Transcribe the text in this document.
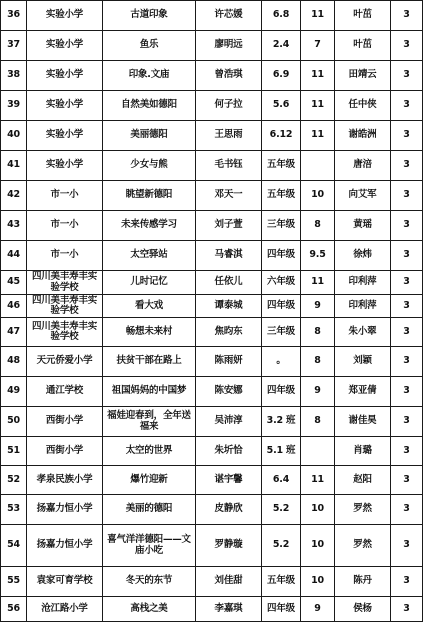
36	实验小学	古道印象	许芯媛	6.8	11	叶茁	3
37	实验小学	鱼乐	廖明远	2.4	7	叶茁	3
38	实验小学	印象.文庙	曾浩琪	6.9	11	田靖云	3
39	实验小学	自然美如德阳	何子拉	5.6	11	任中侠	3
40	实验小学	美丽德阳	王思雨	6.12	11	谢皓洲	3
41	实验小学	少女与熊	毛书钰	五年级		唐涪	3
42	市一小	眺望新德阳	邓天一	五年级	10	向艾军	3
43	市一小	未来传感学习	刘子萱	三年级	8	黄瑶	3
44	市一小	太空驿站	马睿淇	四年级	9.5	徐炜	3
45	四川美丰寿丰实验学校	儿时记忆	任依儿	六年级	11	印利萍	3
46	四川美丰寿丰实验学校	看大戏	谭泰城	四年级	9	印利萍	3
47	四川美丰寿丰实验学校	畅想未来村	焦昀东	三年级	8	朱小翠	3
48	天元侨爱小学	扶贫干部在路上	陈雨妍	。	8	刘颖	3
49	通江学校	祖国妈妈的中国梦	陈安娜	四年级	9	郑亚倩	3
50	西街小学	福娃迎春到，全年送福来	吴沛淳	3.2 班	8	谢佳昊	3
51	西街小学	太空的世界	朱圻恰	5.1 班		肖璐	3
52	孝泉民族小学	爆竹迎新	谌宇馨	6.4	11	赵阳	3
53	扬嘉力恒小学	美丽的德阳	皮静欣	5.2	10	罗然	3
54	扬嘉力恒小学	喜气洋洋德阳——文庙小吃	罗静璇	5.2	10	罗然	3
55	袁家可育学校	冬天的东节	刘佳甜	五年级	10	陈丹	3
56	沧江路小学	高栈之美	李嘉琪	四年级	9	侯杨	3
